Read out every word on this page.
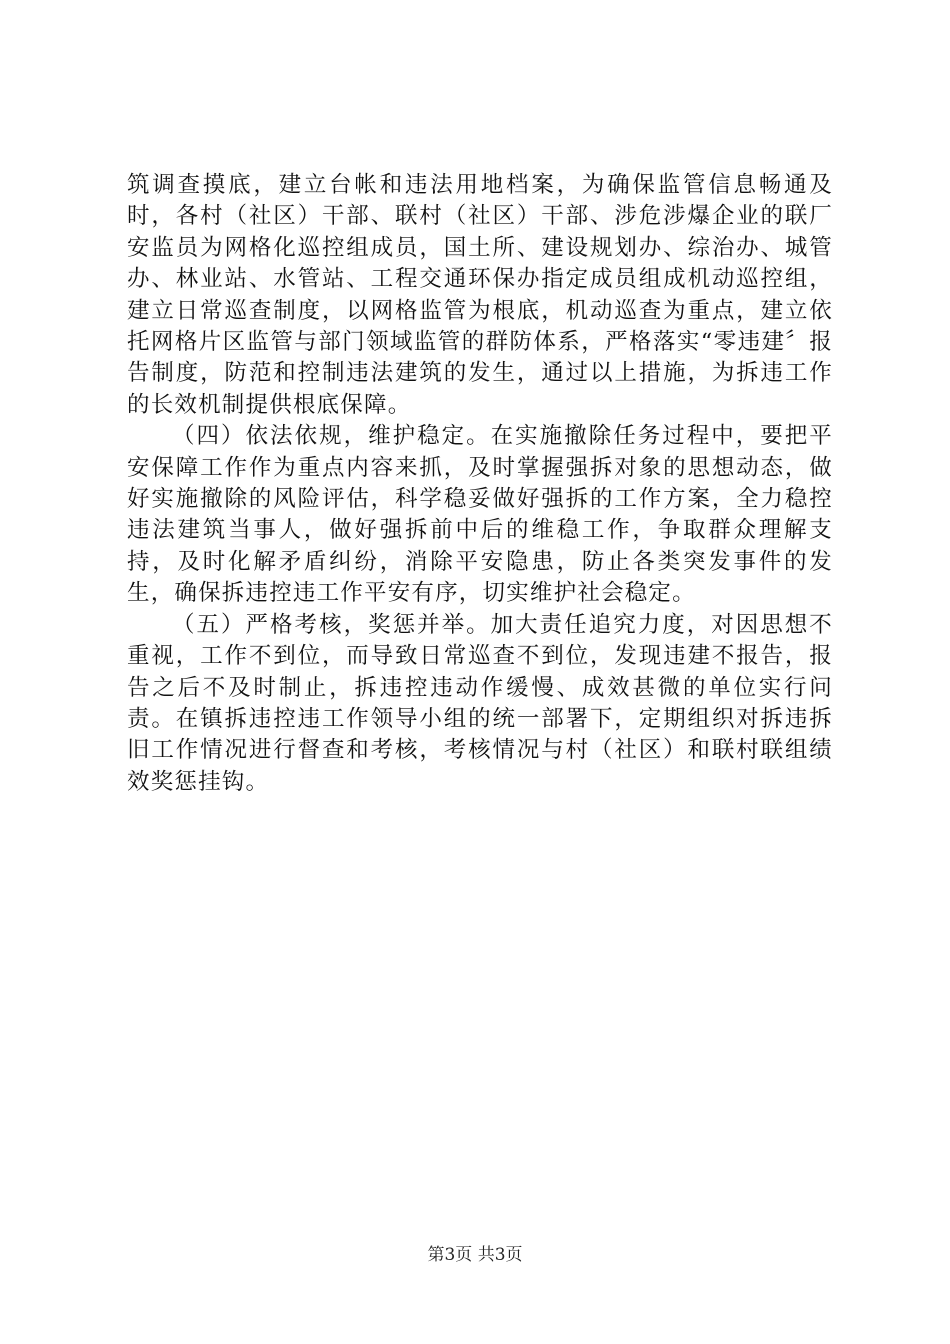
筑调查摸底，建立台帐和违法用地档案，为确保监管信息畅通及时，各村（社区）干部、联村（社区）干部、涉危涉爆企业的联厂安监员为网格化巡控组成员，国土所、建设规划办、综治办、城管办、林业站、水管站、工程交通环保办指定成员组成机动巡控组，建立日常巡查制度，以网格监管为根底，机动巡查为重点，建立依托网格片区监管与部门领域监管的群防体系，严格落实“零违建〞报告制度，防范和控制违法建筑的发生，通过以上措施，为拆违工作的长效机制提供根底保障。

（四）依法依规，维护稳定。在实施撤除任务过程中，要把平安保障工作作为重点内容来抓，及时掌握强拆对象的思想动态，做好实施撤除的风险评估，科学稳妥做好强拆的工作方案，全力稳控违法建筑当事人，做好强拆前中后的维稳工作，争取群众理解支持，及时化解矛盾纠纷，消除平安隐患，防止各类突发事件的发生，确保拆违控违工作平安有序，切实维护社会稳定。

（五）严格考核，奖惩并举。加大责任追究力度，对因思想不重视，工作不到位，而导致日常巡查不到位，发现违建不报告，报告之后不及时制止，拆违控违动作缓慢、成效甚微的单位实行问责。在镇拆违控违工作领导小组的统一部署下，定期组织对拆违拆旧工作情况进行督查和考核，考核情况与村（社区）和联村联组绩效奖惩挂钩。

第3页 共3页
